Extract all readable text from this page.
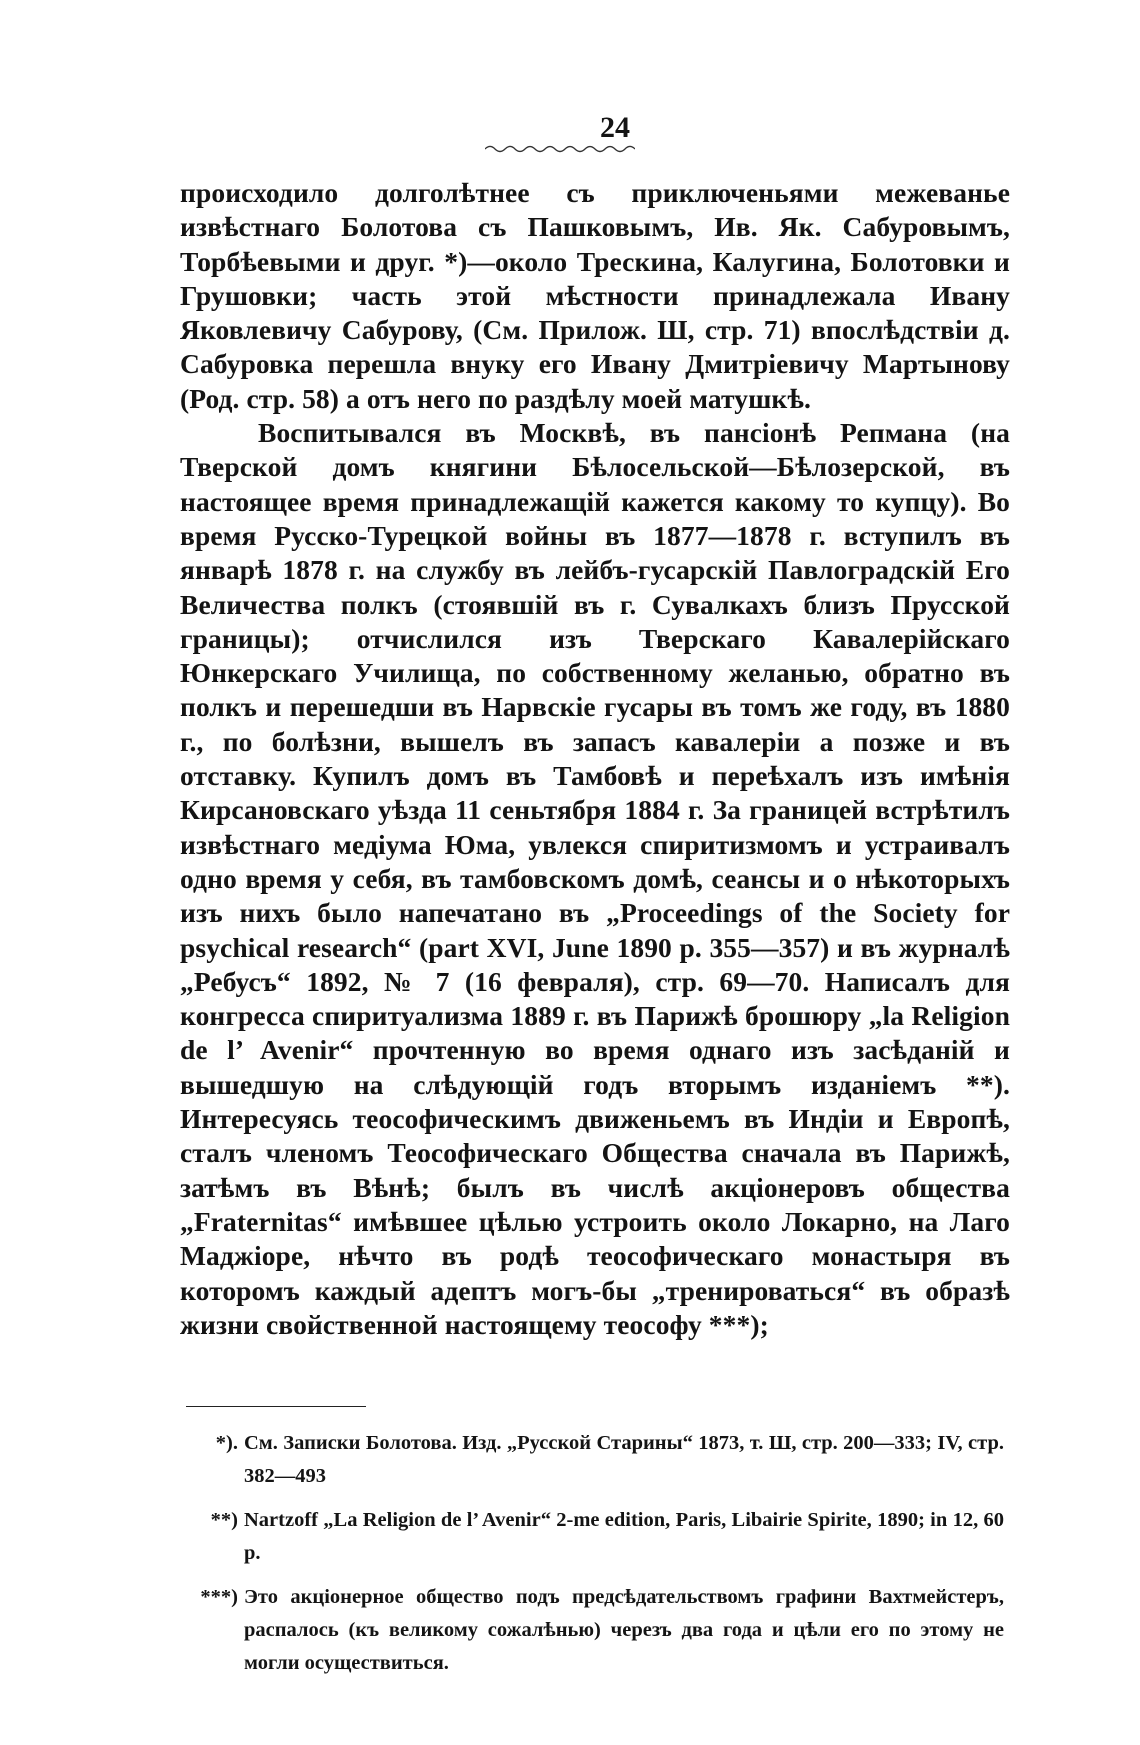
24

происходило долголѣтнее съ приключеньями межеванье извѣстнаго Болотова съ Пашковымъ, Ив. Як. Сабуровымъ, Торбѣевыми и друг. *)—около Трескина, Калугина, Болотовки и Грушовки; часть этой мѣстности принадлежала Ивану Яковлевичу Сабурову, (См. Прилож. Ш, стр. 71) впослѣдствіи д. Сабуровка перешла внуку его Ивану Дмитріевичу Мартынову (Род. стр. 58) а отъ него по раздѣлу моей матушкѣ.

Воспитывался въ Москвѣ, въ пансіонѣ Репмана (на Тверской домъ княгини Бѣлосельской—Бѣлозерской, въ настоящее время принадлежащій кажется какому то купцу). Во время Русско-Турецкой войны въ 1877—1878 г. вступилъ въ январѣ 1878 г. на службу въ лейбъ-гусарскій Павлоградскій Его Величества полкъ (стоявшій въ г. Сувалкахъ близъ Прусской границы); отчислился изъ Тверскаго Кавалерійскаго Юнкерскаго Училища, по собственному желанью, обратно въ полкъ и перешедши въ Нарвскіе гусары въ томъ же году, въ 1880 г., по болѣзни, вышелъ въ запасъ кавалеріи а позже и въ отставку. Купилъ домъ въ Тамбовѣ и переѣхалъ изъ имѣнія Кирсановскаго уѣзда 11 сеньтября 1884 г. За границей встрѣтилъ извѣстнаго медіума Юма, увлекся спиритизмомъ и устраивалъ одно время у себя, въ тамбовскомъ домѣ, сеансы и о нѣкоторыхъ изъ нихъ было напечатано въ „Proceedings of the Society for psychical research“ (part XVI, June 1890 p. 355—357) и въ журналѣ „Ребусъ“ 1892, № 7 (16 февраля), стр. 69—70. Написалъ для конгресса спиритуализма 1889 г. въ Парижѣ брошюру „la Religion de l’ Avenir“ прочтенную во время однаго изъ засѣданій и вышедшую на слѣдующій годъ вторымъ изданіемъ **). Интересуясь теософическимъ движеньемъ въ Индіи и Европѣ, сталъ членомъ Теософическаго Общества сначала въ Парижѣ, затѣмъ въ Вѣнѣ; былъ въ числѣ акціонеровъ общества „Fraternitas“ имѣвшее цѣлью устроить около Локарно, на Лаго Маджіоре, нѣчто въ родѣ теософическаго монастыря въ которомъ каждый адептъ могъ-бы „тренироваться“ въ образѣ жизни свойственной настоящему теософу ***);

*). См. Записки Болотова. Изд. „Русской Старины“ 1873, т. Ш, стр. 200—333; IV, стр. 382—493
**) Nartzoff „La Religion de l’ Avenir“ 2-me edition, Paris, Libairie Spirite, 1890; in 12, 60 p.
***) Это акціонерное общество подъ предсѣдательствомъ графини Вахтмейстеръ, распалось (къ великому сожалѣнью) черезъ два года и цѣли его по этому не могли осуществиться.
